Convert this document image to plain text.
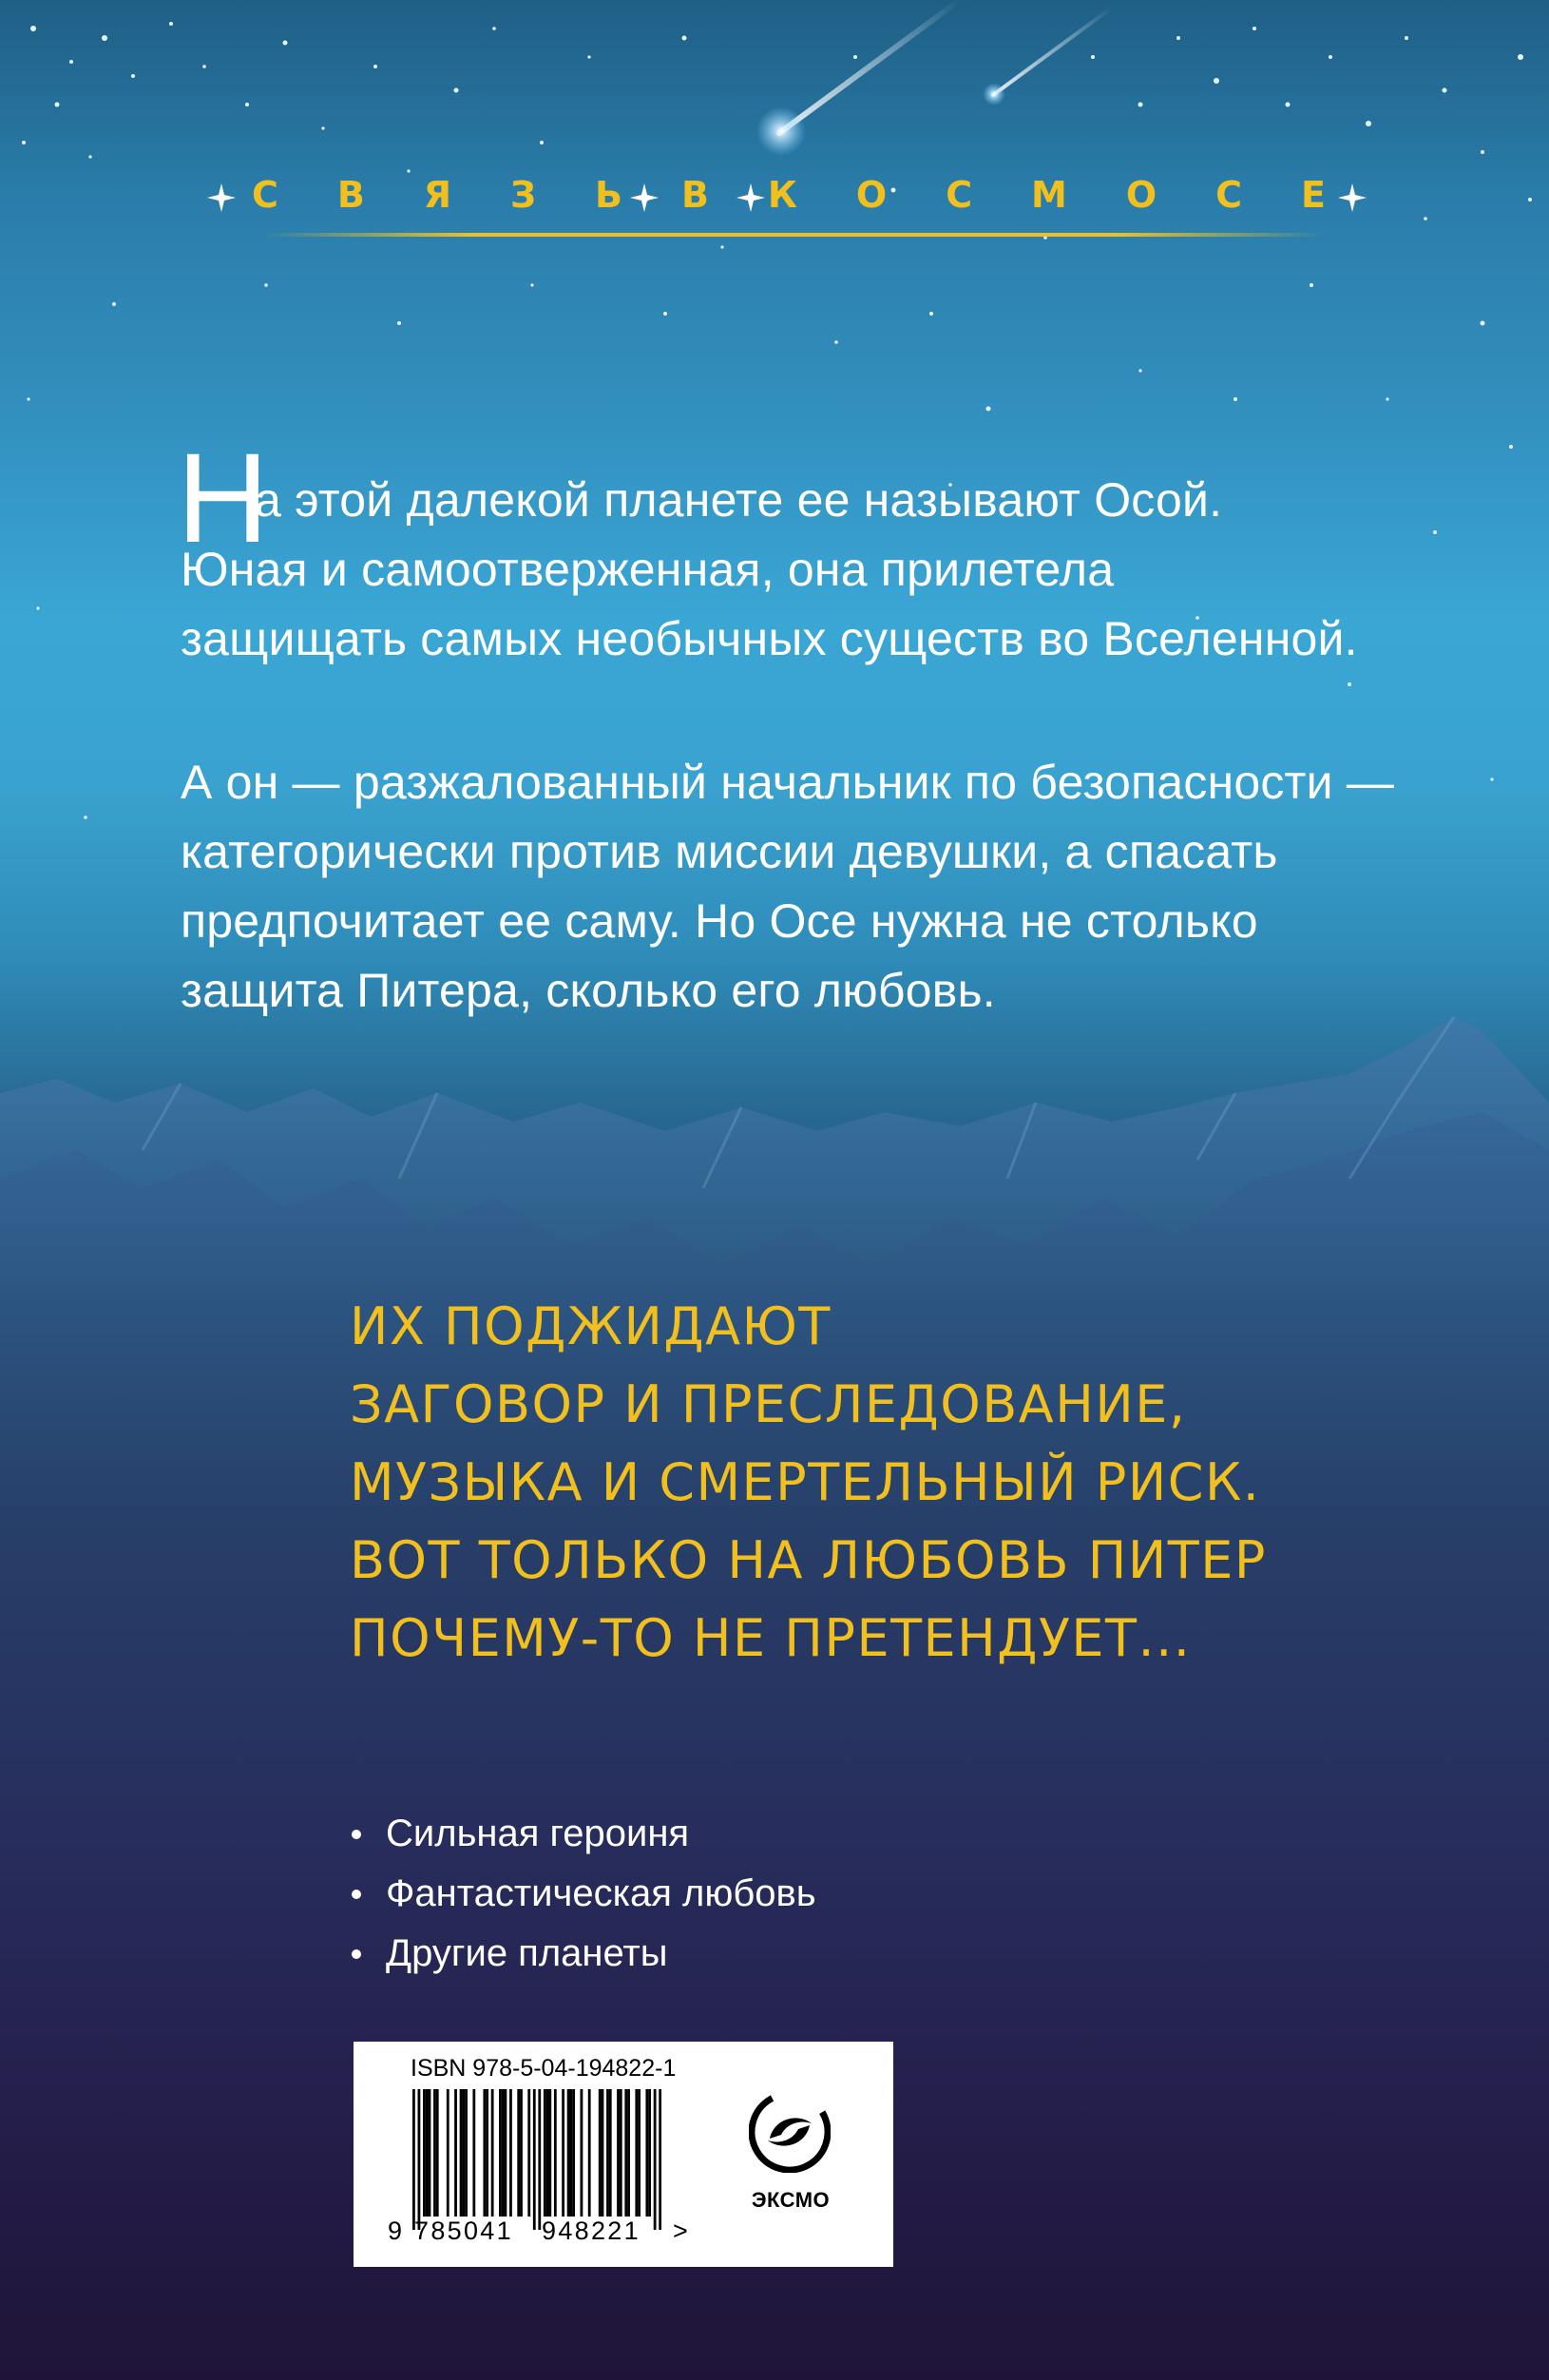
С В Я З Ь В К О С М О С Е
Н

а этой далекой планете ее называют Осой.
Юная и самоотверженная, она прилетела
защищать самых необычных существ во Вселенной.

А он — разжалованный начальник по безопасности —
категорически против миссии девушки, а спасать
предпочитает ее саму. Но Осе нужна не столько
защита Питера, сколько его любовь.

ИХ ПОДЖИДАЮТ
ЗАГОВОР И ПРЕСЛЕДОВАНИЕ,
МУЗЫКА И СМЕРТЕЛЬНЫЙ РИСК.
ВОТ ТОЛЬКО НА ЛЮБОВЬ ПИТЕР
ПОЧЕМУ-ТО НЕ ПРЕТЕНДУЕТ...

Сильная героиня
Фантастическая любовь
Другие планеты
ISBN 978-5-04-194822-1
9 785041 948221 >
ЭКСМО
